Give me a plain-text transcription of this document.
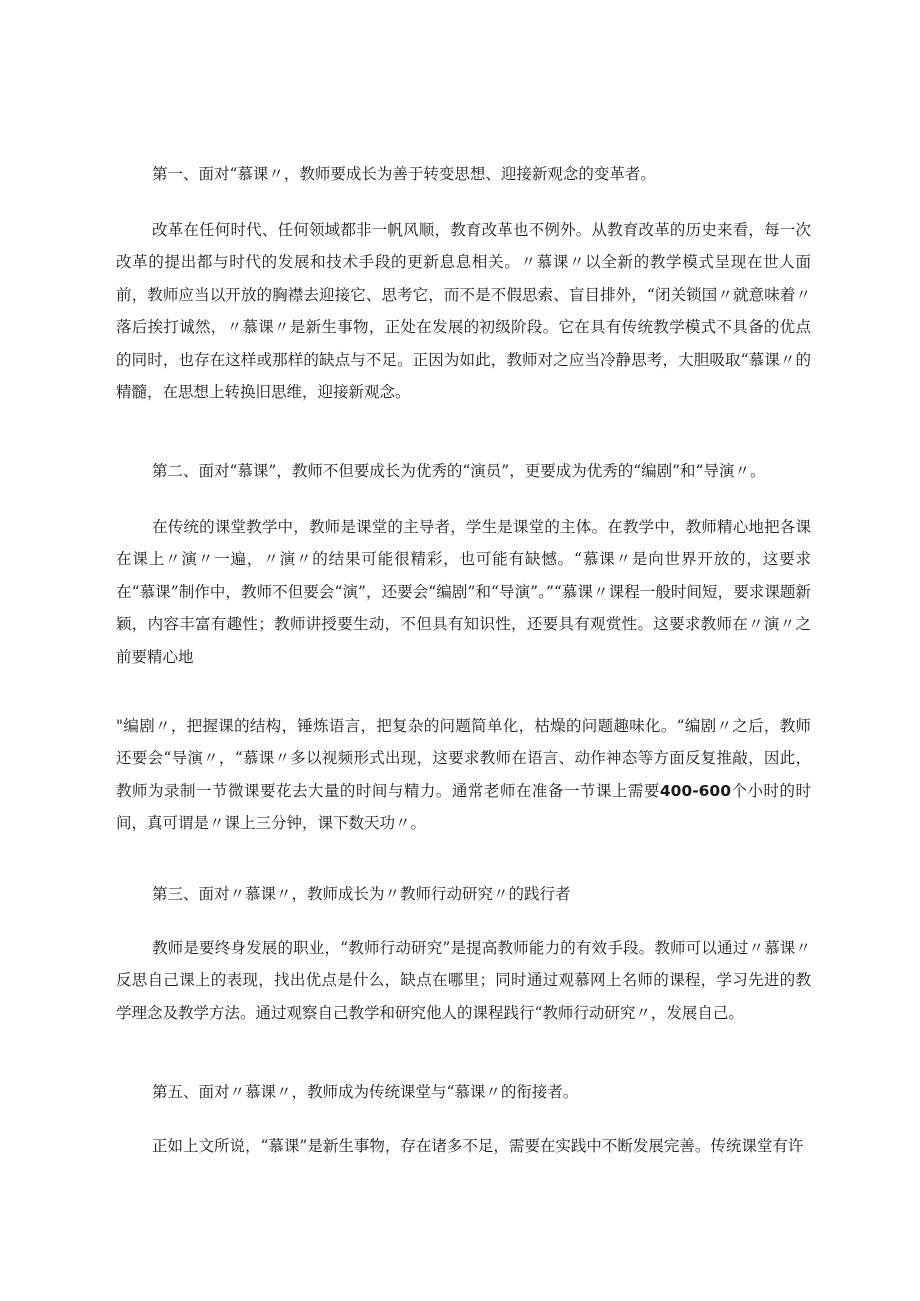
第一、面对“慕课〃，教师要成长为善于转变思想、迎接新观念的变革者。

改革在任何时代、任何领域都非一帆风顺，教育改革也不例外。从教育改革的历史来看，每一次改革的提出都与时代的发展和技术手段的更新息息相关。〃慕课〃以全新的教学模式呈现在世人面前，教师应当以开放的胸襟去迎接它、思考它，而不是不假思索、盲目排外，“闭关锁国〃就意味着〃落后挨打诚然，〃慕课〃是新生事物，正处在发展的初级阶段。它在具有传统教学模式不具备的优点的同时，也存在这样或那样的缺点与不足。正因为如此，教师对之应当冷静思考，大胆吸取“慕课〃的精髓，在思想上转换旧思维，迎接新观念。

第二、面对“慕课”，教师不但要成长为优秀的“演员”，更要成为优秀的“编剧”和“导演〃。

在传统的课堂教学中，教师是课堂的主导者，学生是课堂的主体。在教学中，教师精心地把各课在课上〃演〃一遍，〃演〃的结果可能很精彩，也可能有缺憾。“慕课〃是向世界开放的，这要求在“慕课”制作中，教师不但要会“演”，还要会“编剧”和“导演”。”“慕课〃课程一般时间短，要求课题新颖，内容丰富有趣性；教师讲授要生动，不但具有知识性，还要具有观赏性。这要求教师在〃演〃之前要精心地

"编剧〃，把握课的结构，锤炼语言，把复杂的问题简单化，枯燥的问题趣味化。“编剧〃之后，教师还要会“导演〃，“慕课〃多以视频形式出现，这要求教师在语言、动作神态等方面反复推敲，因此，教师为录制一节微课要花去大量的时间与精力。通常老师在准备一节课上需要400-600个小时的时间，真可谓是〃课上三分钟，课下数天功〃。

第三、面对〃慕课〃，教师成长为〃教师行动研究〃的践行者

教师是要终身发展的职业，“教师行动研究”是提高教师能力的有效手段。教师可以通过〃慕课〃反思自己课上的表现，找出优点是什么，缺点在哪里；同时通过观慕网上名师的课程，学习先进的教学理念及教学方法。通过观察自己教学和研究他人的课程践行“教师行动研究〃，发展自己。

第五、面对〃慕课〃，教师成为传统课堂与“慕课〃的衔接者。

正如上文所说，“慕课”是新生事物，存在诸多不足，需要在实践中不断发展完善。传统课堂有许
